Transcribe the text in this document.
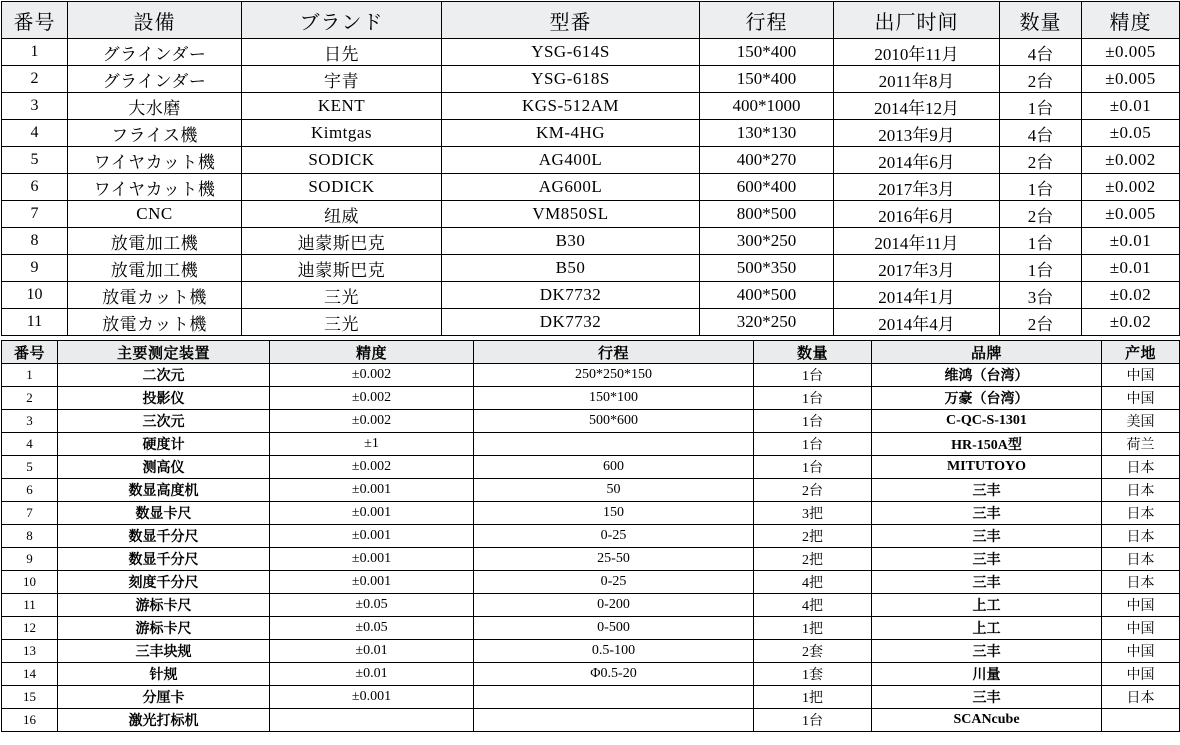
番号	設備	ブランド	型番	行程	出厂时间	数量	精度
1	グラインダー	日先	YSG-614S	150*400	2010年11月	4台	±0.005
2	グラインダー	宇青	YSG-618S	150*400	2011年8月	2台	±0.005
3	大水磨	KENT	KGS-512AM	400*1000	2014年12月	1台	±0.01
4	フライス機	Kimtgas	KM-4HG	130*130	2013年9月	4台	±0.05
5	ワイヤカット機	SODICK	AG400L	400*270	2014年6月	2台	±0.002
6	ワイヤカット機	SODICK	AG600L	600*400	2017年3月	1台	±0.002
7	CNC	纽威	VM850SL	800*500	2016年6月	2台	±0.005
8	放電加工機	迪蒙斯巴克	B30	300*250	2014年11月	1台	±0.01
9	放電加工機	迪蒙斯巴克	B50	500*350	2017年3月	1台	±0.01
10	放電カット機	三光	DK7732	400*500	2014年1月	3台	±0.02
11	放電カット機	三光	DK7732	320*250	2014年4月	2台	±0.02
番号	主要测定装置	精度	行程	数量	品牌	产地
1	二次元	±0.002	250*250*150	1台	维鸿（台湾）	中国
2	投影仪	±0.002	150*100	1台	万豪（台湾）	中国
3	三次元	±0.002	500*600	1台	C-QC-S-1301	美国
4	硬度计	±1		1台	HR-150A型	荷兰
5	测高仪	±0.002	600	1台	MITUTOYO	日本
6	数显高度机	±0.001	50	2台	三丰	日本
7	数显卡尺	±0.001	150	3把	三丰	日本
8	数显千分尺	±0.001	0-25	2把	三丰	日本
9	数显千分尺	±0.001	25-50	2把	三丰	日本
10	刻度千分尺	±0.001	0-25	4把	三丰	日本
11	游标卡尺	±0.05	0-200	4把	上工	中国
12	游标卡尺	±0.05	0-500	1把	上工	中国
13	三丰块规	±0.01	0.5-100	2套	三丰	中国
14	针规	±0.01	Φ0.5-20	1套	川量	中国
15	分厘卡	±0.001		1把	三丰	日本
16	激光打标机			1台	SCANcube	
